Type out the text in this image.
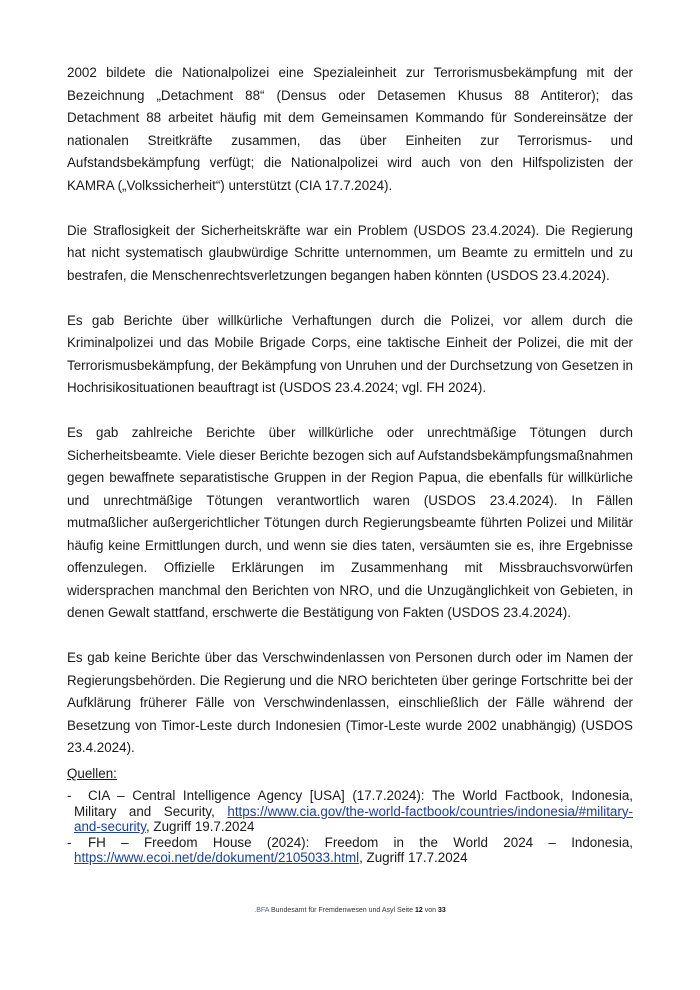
2002 bildete die Nationalpolizei eine Spezialeinheit zur Terrorismusbekämpfung mit der Bezeichnung „Detachment 88“ (Densus oder Detasemen Khusus 88 Antiteror); das Detachment 88 arbeitet häufig mit dem Gemeinsamen Kommando für Sondereinsätze der nationalen Streitkräfte zusammen, das über Einheiten zur Terrorismus- und Aufstandsbekämpfung verfügt; die Nationalpolizei wird auch von den Hilfspolizisten der KAMRA („Volkssicherheit“) unterstützt (CIA 17.7.2024).

Die Straflosigkeit der Sicherheitskräfte war ein Problem (USDOS 23.4.2024). Die Regierung hat nicht systematisch glaubwürdige Schritte unternommen, um Beamte zu ermitteln und zu bestrafen, die Menschenrechtsverletzungen begangen haben könnten (USDOS 23.4.2024).

Es gab Berichte über willkürliche Verhaftungen durch die Polizei, vor allem durch die Kriminalpolizei und das Mobile Brigade Corps, eine taktische Einheit der Polizei, die mit der Terrorismusbekämpfung, der Bekämpfung von Unruhen und der Durchsetzung von Gesetzen in Hochrisikosituationen beauftragt ist (USDOS 23.4.2024; vgl. FH 2024).

Es gab zahlreiche Berichte über willkürliche oder unrechtmäßige Tötungen durch Sicherheitsbeamte. Viele dieser Berichte bezogen sich auf Aufstandsbekämpfungsmaßnahmen gegen bewaffnete separatistische Gruppen in der Region Papua, die ebenfalls für willkürliche und unrechtmäßige Tötungen verantwortlich waren (USDOS 23.4.2024). In Fällen mutmaßlicher außergerichtlicher Tötungen durch Regierungsbeamte führten Polizei und Militär häufig keine Ermittlungen durch, und wenn sie dies taten, versäumten sie es, ihre Ergebnisse offenzulegen. Offizielle Erklärungen im Zusammenhang mit Missbrauchsvorwürfen widersprachen manchmal den Berichten von NRO, und die Unzugänglichkeit von Gebieten, in denen Gewalt stattfand, erschwerte die Bestätigung von Fakten (USDOS 23.4.2024).

Es gab keine Berichte über das Verschwindenlassen von Personen durch oder im Namen der Regierungsbehörden. Die Regierung und die NRO berichteten über geringe Fortschritte bei der Aufklärung früherer Fälle von Verschwindenlassen, einschließlich der Fälle während der Besetzung von Timor-Leste durch Indonesien (Timor-Leste wurde 2002 unabhängig) (USDOS 23.4.2024).

Quellen:

- CIA – Central Intelligence Agency [USA] (17.7.2024): The World Factbook, Indonesia, Military and Security, https://www.cia.gov/the-world-factbook/countries/indonesia/#military-and-security, Zugriff 19.7.2024
- FH – Freedom House (2024): Freedom in the World 2024 – Indonesia, https://www.ecoi.net/de/dokument/2105033.html, Zugriff 17.7.2024
.BFA Bundesamt für Fremdenwesen und Asyl Seite 12 von 33
